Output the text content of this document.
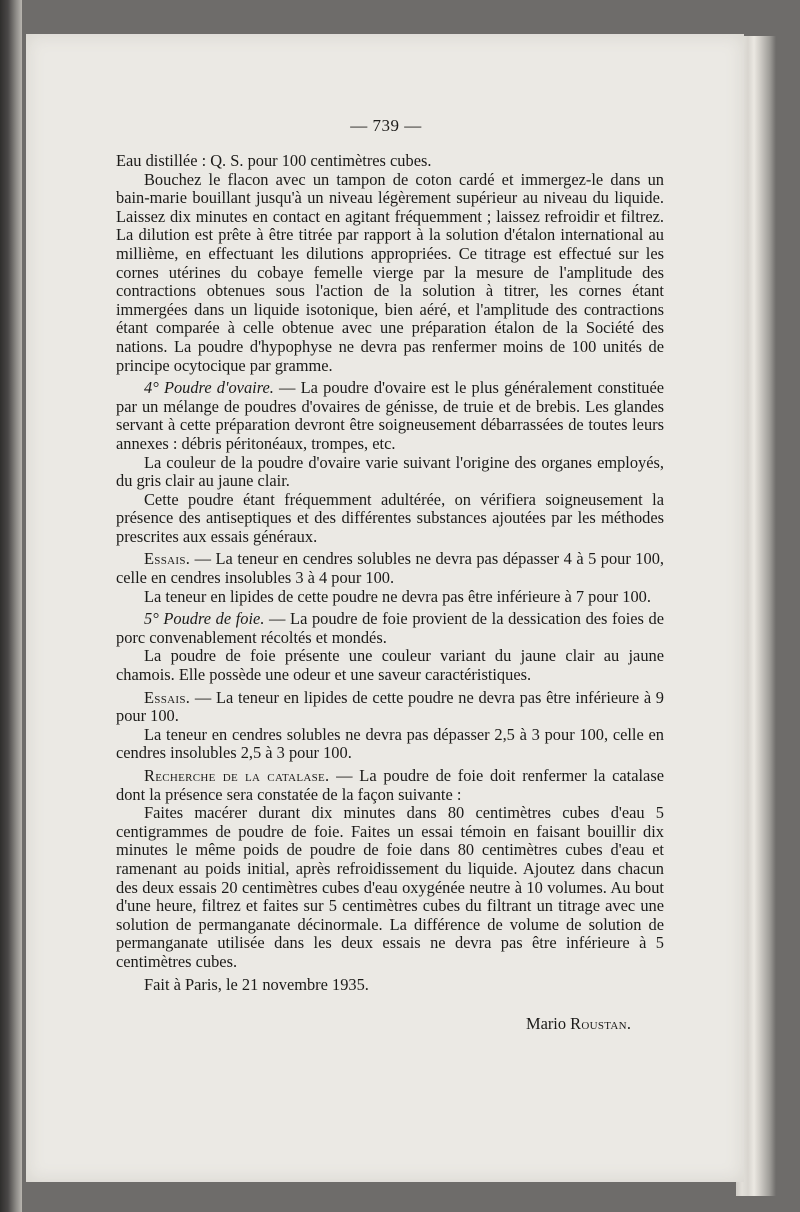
— 739 —

Eau distillée : Q. S. pour 100 centimètres cubes.

Bouchez le flacon avec un tampon de coton cardé et immergez-le dans un bain-marie bouillant jusqu'à un niveau légèrement supérieur au niveau du liquide. Laissez dix minutes en contact en agitant fréquemment ; laissez refroidir et filtrez. La dilution est prête à être titrée par rapport à la solution d'étalon international au millième, en effectuant les dilutions appropriées. Ce titrage est effectué sur les cornes utérines du cobaye femelle vierge par la mesure de l'amplitude des contractions obtenues sous l'action de la solution à titrer, les cornes étant immergées dans un liquide isotonique, bien aéré, et l'amplitude des contractions étant comparée à celle obtenue avec une préparation étalon de la Société des nations. La poudre d'hypophyse ne devra pas renfermer moins de 100 unités de principe ocytocique par gramme.

4° Poudre d'ovaire. — La poudre d'ovaire est le plus généralement constituée par un mélange de poudres d'ovaires de génisse, de truie et de brebis. Les glandes servant à cette préparation devront être soigneusement débarrassées de toutes leurs annexes : débris péritonéaux, trompes, etc.

La couleur de la poudre d'ovaire varie suivant l'origine des organes employés, du gris clair au jaune clair.

Cette poudre étant fréquemment adultérée, on vérifiera soigneusement la présence des antiseptiques et des différentes substances ajoutées par les méthodes prescrites aux essais généraux.

Essais. — La teneur en cendres solubles ne devra pas dépasser 4 à 5 pour 100, celle en cendres insolubles 3 à 4 pour 100.

La teneur en lipides de cette poudre ne devra pas être inférieure à 7 pour 100.

5° Poudre de foie. — La poudre de foie provient de la dessication des foies de porc convenablement récoltés et mondés.

La poudre de foie présente une couleur variant du jaune clair au jaune chamois. Elle possède une odeur et une saveur caractéristiques.

Essais. — La teneur en lipides de cette poudre ne devra pas être inférieure à 9 pour 100.

La teneur en cendres solubles ne devra pas dépasser 2,5 à 3 pour 100, celle en cendres insolubles 2,5 à 3 pour 100.

Recherche de la catalase. — La poudre de foie doit renfermer la catalase dont la présence sera constatée de la façon suivante :

Faites macérer durant dix minutes dans 80 centimètres cubes d'eau 5 centigrammes de poudre de foie. Faites un essai témoin en faisant bouillir dix minutes le même poids de poudre de foie dans 80 centimètres cubes d'eau et ramenant au poids initial, après refroidissement du liquide. Ajoutez dans chacun des deux essais 20 centimètres cubes d'eau oxygénée neutre à 10 volumes. Au bout d'une heure, filtrez et faites sur 5 centimètres cubes du filtrant un titrage avec une solution de permanganate décinormale. La différence de volume de solution de permanganate utilisée dans les deux essais ne devra pas être inférieure à 5 centimètres cubes.

Fait à Paris, le 21 novembre 1935.

Mario Roustan.
